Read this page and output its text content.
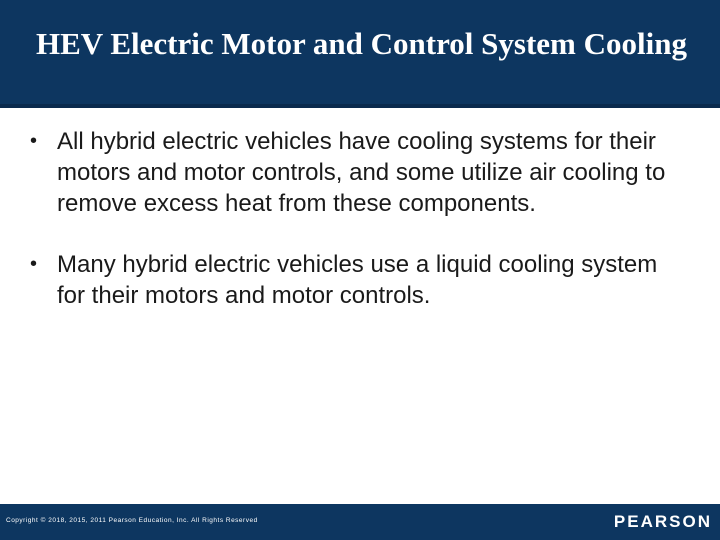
HEV Electric Motor and Control System Cooling
• All hybrid electric vehicles have cooling systems for their motors and motor controls, and some utilize air cooling to remove excess heat from these components.
• Many hybrid electric vehicles use a liquid cooling system for their motors and motor controls.
Copyright © 2018, 2015, 2011 Pearson Education, Inc. All Rights Reserved	PEARSON
